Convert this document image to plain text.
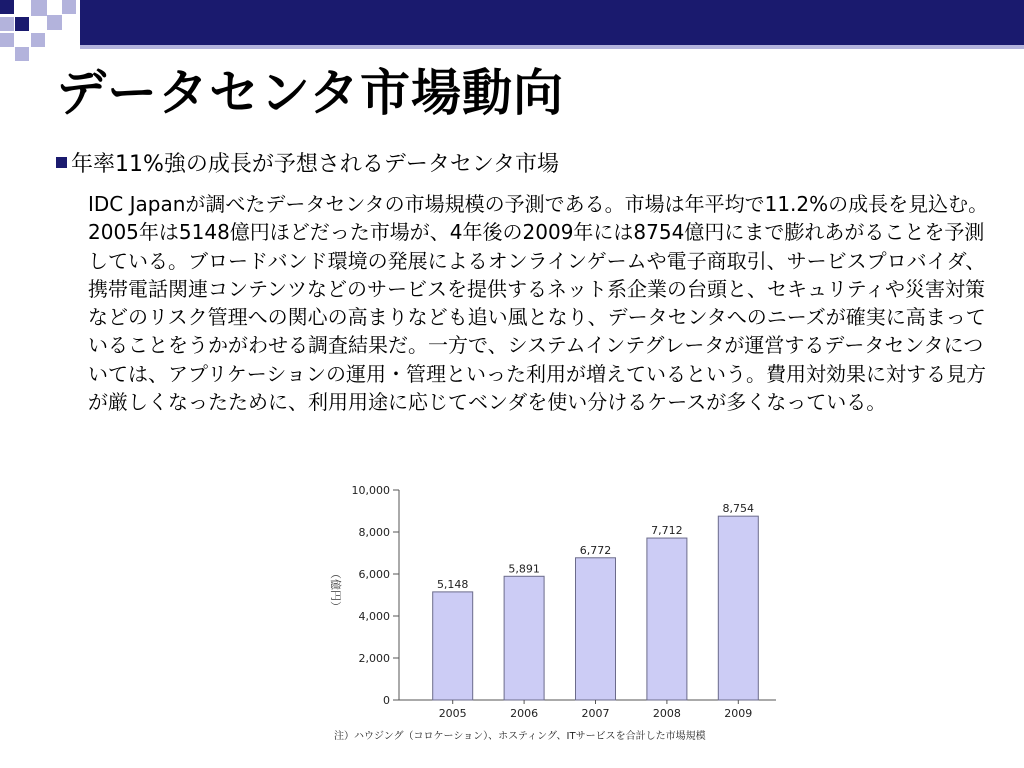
データセンタ市場動向
年率11%強の成長が予想されるデータセンタ市場
IDC Japanが調べたデータセンタの市場規模の予測である。市場は年平均で11.2%の成長を見込む。2005年は5148億円ほどだった市場が、4年後の2009年には8754億円にまで膨れあがることを予測している。ブロードバンド環境の発展によるオンラインゲームや電子商取引、サービスプロバイダ、携帯電話関連コンテンツなどのサービスを提供するネット系企業の台頭と、セキュリティや災害対策などのリスク管理への関心の高まりなども追い風となり、データセンタへのニーズが確実に高まっていることをうかがわせる調査結果だ。一方で、システムインテグレータが運営するデータセンタについては、アプリケーションの運用・管理といった利用が増えているという。費用対効果に対する見方が厳しくなったために、利用用途に応じてベンダを使い分けるケースが多くなっている。
（億円）
注）ハウジング（コロケーション）、ホスティング、ITサービスを合計した市場規模
0
2,000
4,000
6,000
8,000
10,000
5,148
2005
5,891
2006
6,772
2007
7,712
2008
8,754
2009
